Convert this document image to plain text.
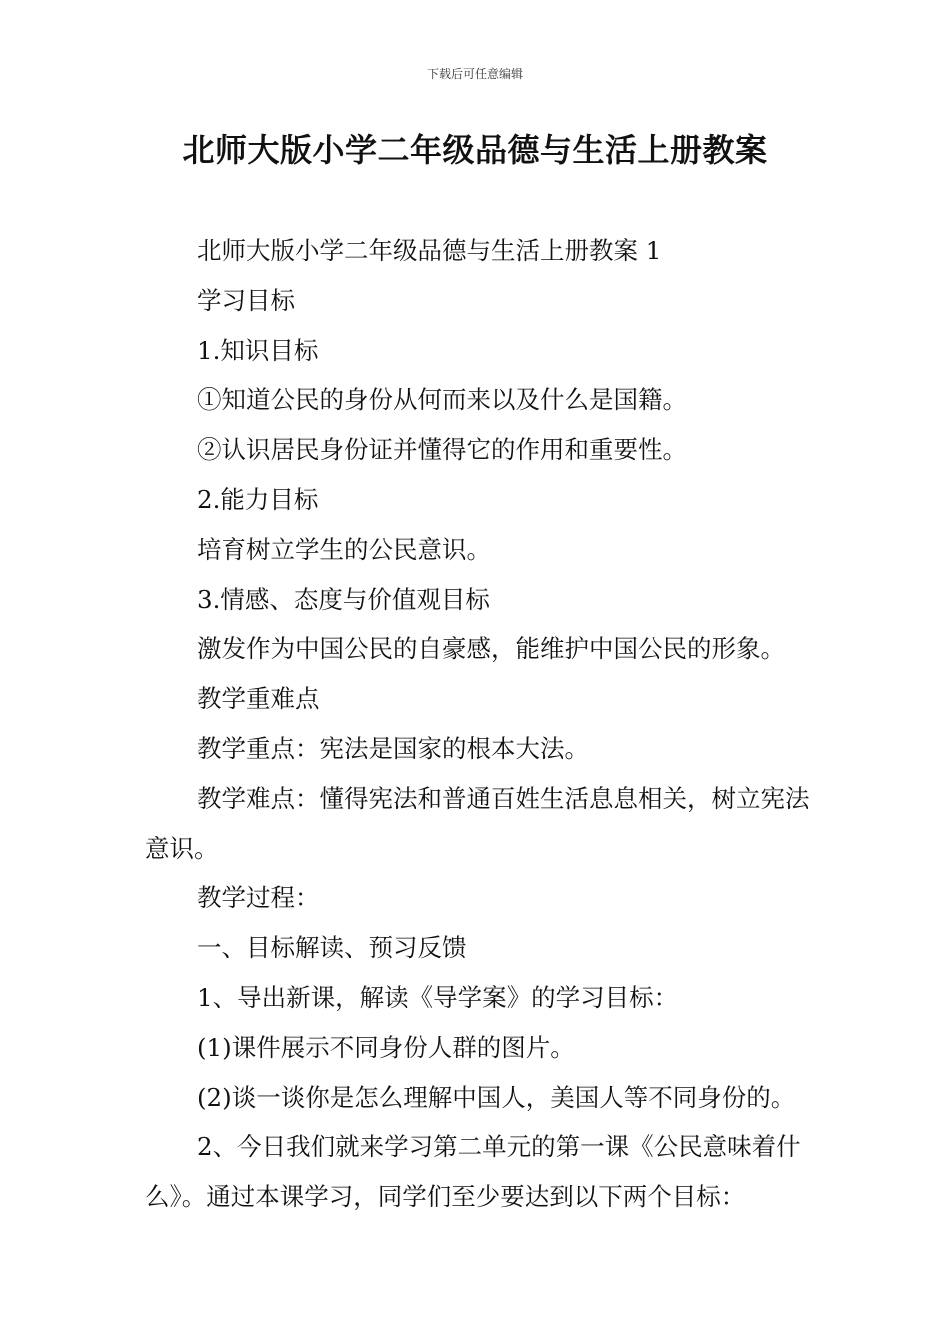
下载后可任意编辑
北师大版小学二年级品德与生活上册教案

北师大版小学二年级品德与生活上册教案 1

学习目标

1.知识目标

①知道公民的身份从何而来以及什么是国籍。

②认识居民身份证并懂得它的作用和重要性。

2.能力目标

培育树立学生的公民意识。

3.情感、态度与价值观目标

激发作为中国公民的自豪感，能维护中国公民的形象。

教学重难点

教学重点：宪法是国家的根本大法。

教学难点：懂得宪法和普通百姓生活息息相关，树立宪法意识。

教学过程：

一、目标解读、预习反馈

1、导出新课，解读《导学案》的学习目标：

(1)课件展示不同身份人群的图片。

(2)谈一谈你是怎么理解中国人，美国人等不同身份的。

2、今日我们就来学习第二单元的第一课《公民意味着什么》。通过本课学习，同学们至少要达到以下两个目标：
